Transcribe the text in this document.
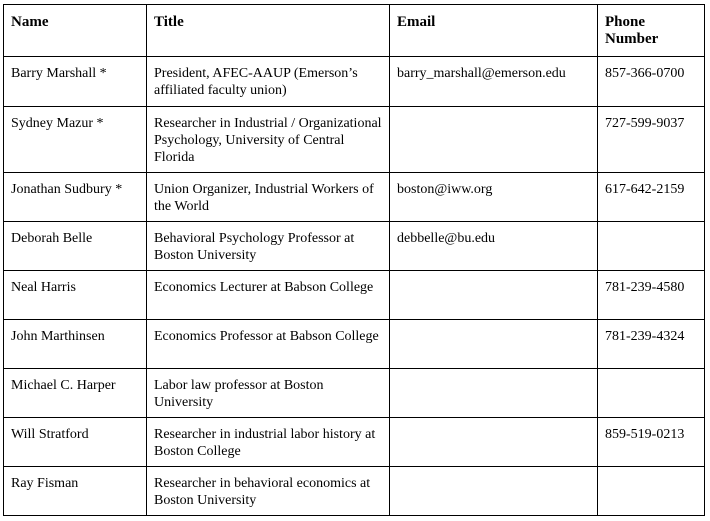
Name	Title	Email	Phone Number
Barry Marshall *	President, AFEC-AAUP (Emerson’s affiliated faculty union)	barry_marshall@emerson.edu	857-366-0700
Sydney Mazur *	Researcher in Industrial / Organizational Psychology, University of Central Florida		727-599-9037
Jonathan Sudbury *	Union Organizer, Industrial Workers of the World	boston@iww.org	617-642-2159
Deborah Belle	Behavioral Psychology Professor at Boston University	debbelle@bu.edu	
Neal Harris	Economics Lecturer at Babson College		781-239-4580
John Marthinsen	Economics Professor at Babson College		781-239-4324
Michael C. Harper	Labor law professor at Boston University		
Will Stratford	Researcher in industrial labor history at Boston College		859-519-0213
Ray Fisman	Researcher in behavioral economics at Boston University		
